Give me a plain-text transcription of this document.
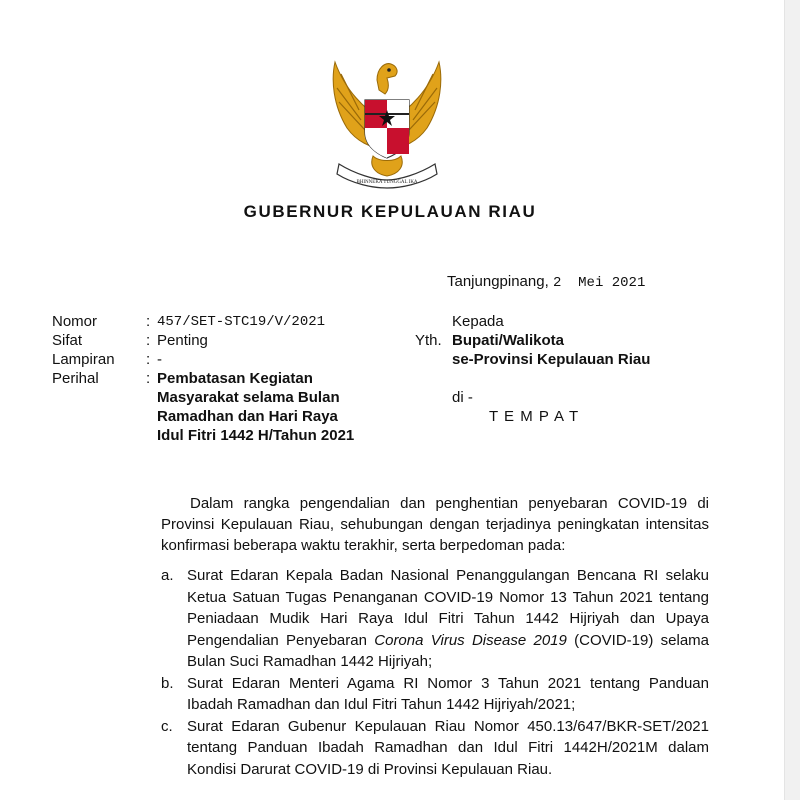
BHINNEKA TUNGGAL IKA
GUBERNUR KEPULAUAN RIAU
Tanjungpinang, 2  Mei 2021
Nomor	: 457/SET-STC19/V/2021
Sifat	: Penting
Lampiran : -
Perihal	: Pembatasan Kegiatan
Masyarakat selama Bulan
Ramadhan dan Hari Raya
Idul Fitri 1442 H/Tahun 2021
Kepada
Yth. Bupati/Walikota
se-Provinsi Kepulauan Riau
di -
T E M P A T
Dalam rangka pengendalian dan penghentian penyebaran COVID-19 di Provinsi Kepulauan Riau, sehubungan dengan terjadinya peningkatan intensitas konfirmasi beberapa waktu terakhir, serta berpedoman pada:
a. Surat Edaran Kepala Badan Nasional Penanggulangan Bencana RI selaku Ketua Satuan Tugas Penanganan COVID-19 Nomor 13 Tahun 2021 tentang Peniadaan Mudik Hari Raya Idul Fitri Tahun 1442 Hijriyah dan Upaya Pengendalian Penyebaran Corona Virus Disease 2019 (COVID-19) selama Bulan Suci Ramadhan 1442 Hijriyah;
b. Surat Edaran Menteri Agama RI Nomor 3 Tahun 2021 tentang Panduan Ibadah Ramadhan dan Idul Fitri Tahun 1442 Hijriyah/2021;
c. Surat Edaran Gubenur Kepulauan Riau Nomor 450.13/647/BKR-SET/2021 tentang Panduan Ibadah Ramadhan dan Idul Fitri 1442H/2021M dalam Kondisi Darurat COVID-19 di Provinsi Kepulauan Riau.
